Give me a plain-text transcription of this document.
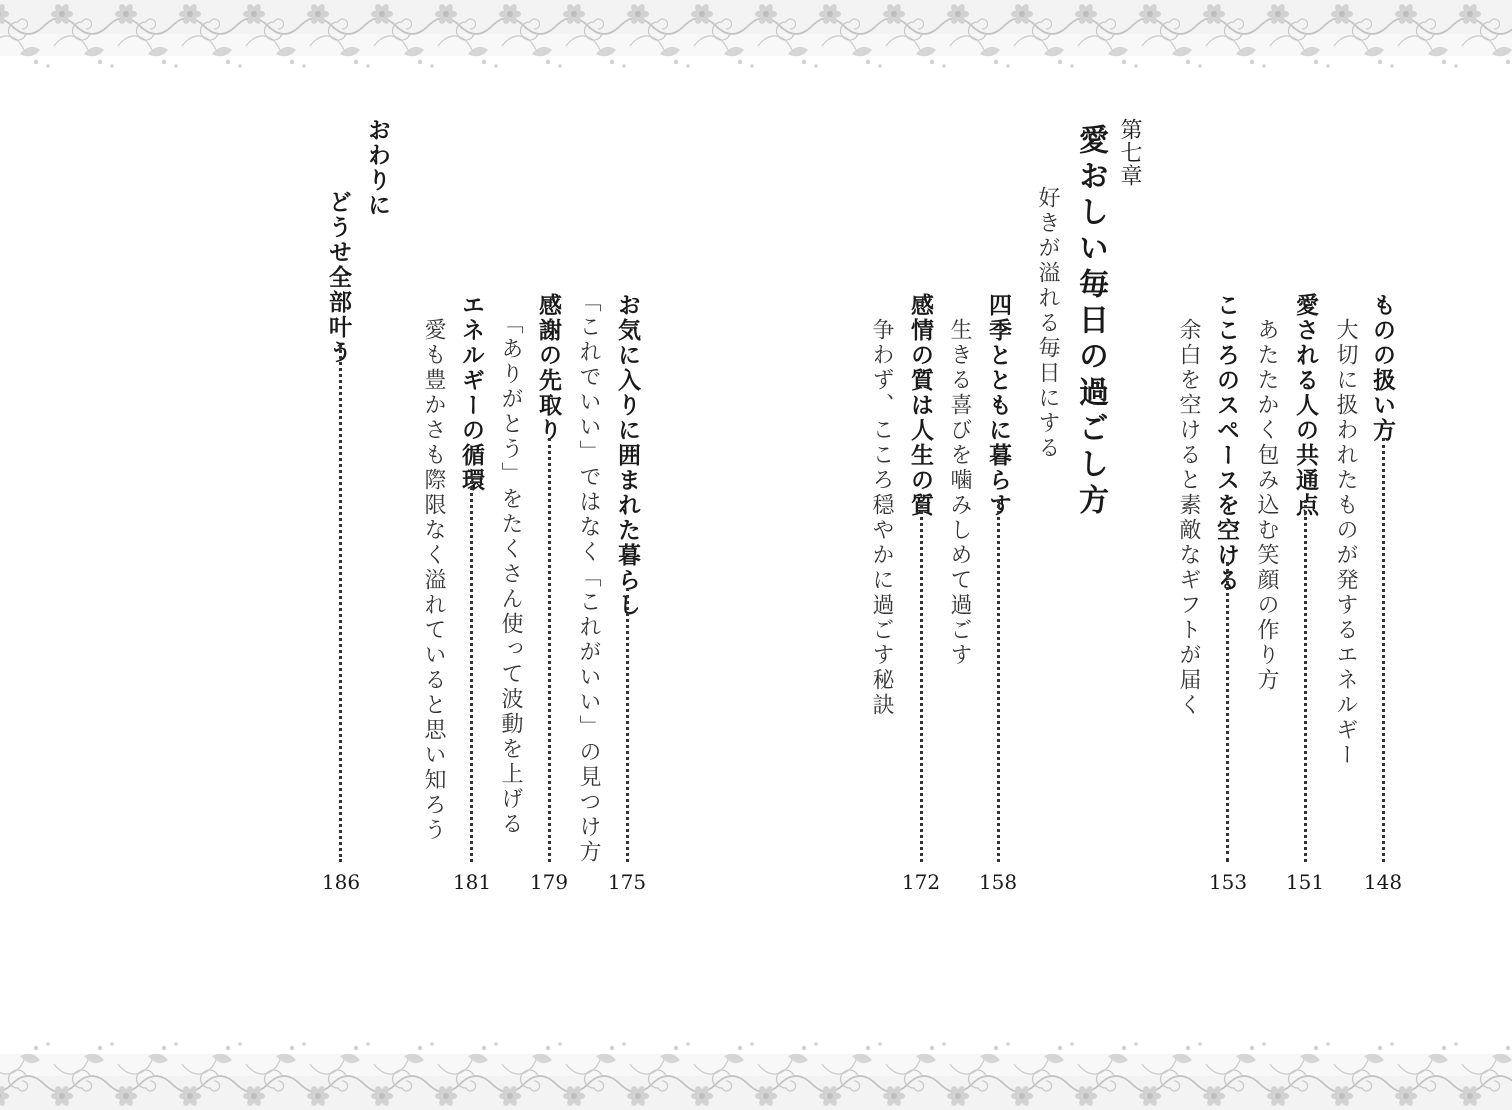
ものの扱い方
大切に扱われたものが発するエネルギー
148
愛される人の共通点
あたたかく包み込む笑顔の作り方
151
こころのスペースを空ける
余白を空けると素敵なギフトが届く
153
第七章
愛おしい毎日の過ごし方
好きが溢れる毎日にする
四季とともに暮らす
生きる喜びを噛みしめて過ごす
158
感情の質は人生の質
争わず、こころ穏やかに過ごす秘訣
172
お気に入りに囲まれた暮らし
「これでいい」ではなく「これがいい」の見つけ方
175
感謝の先取り
「ありがとう」をたくさん使って波動を上げる
179
エネルギーの循環
愛も豊かさも際限なく溢れていると思い知ろう
181
おわりに
どうせ全部叶う
186
